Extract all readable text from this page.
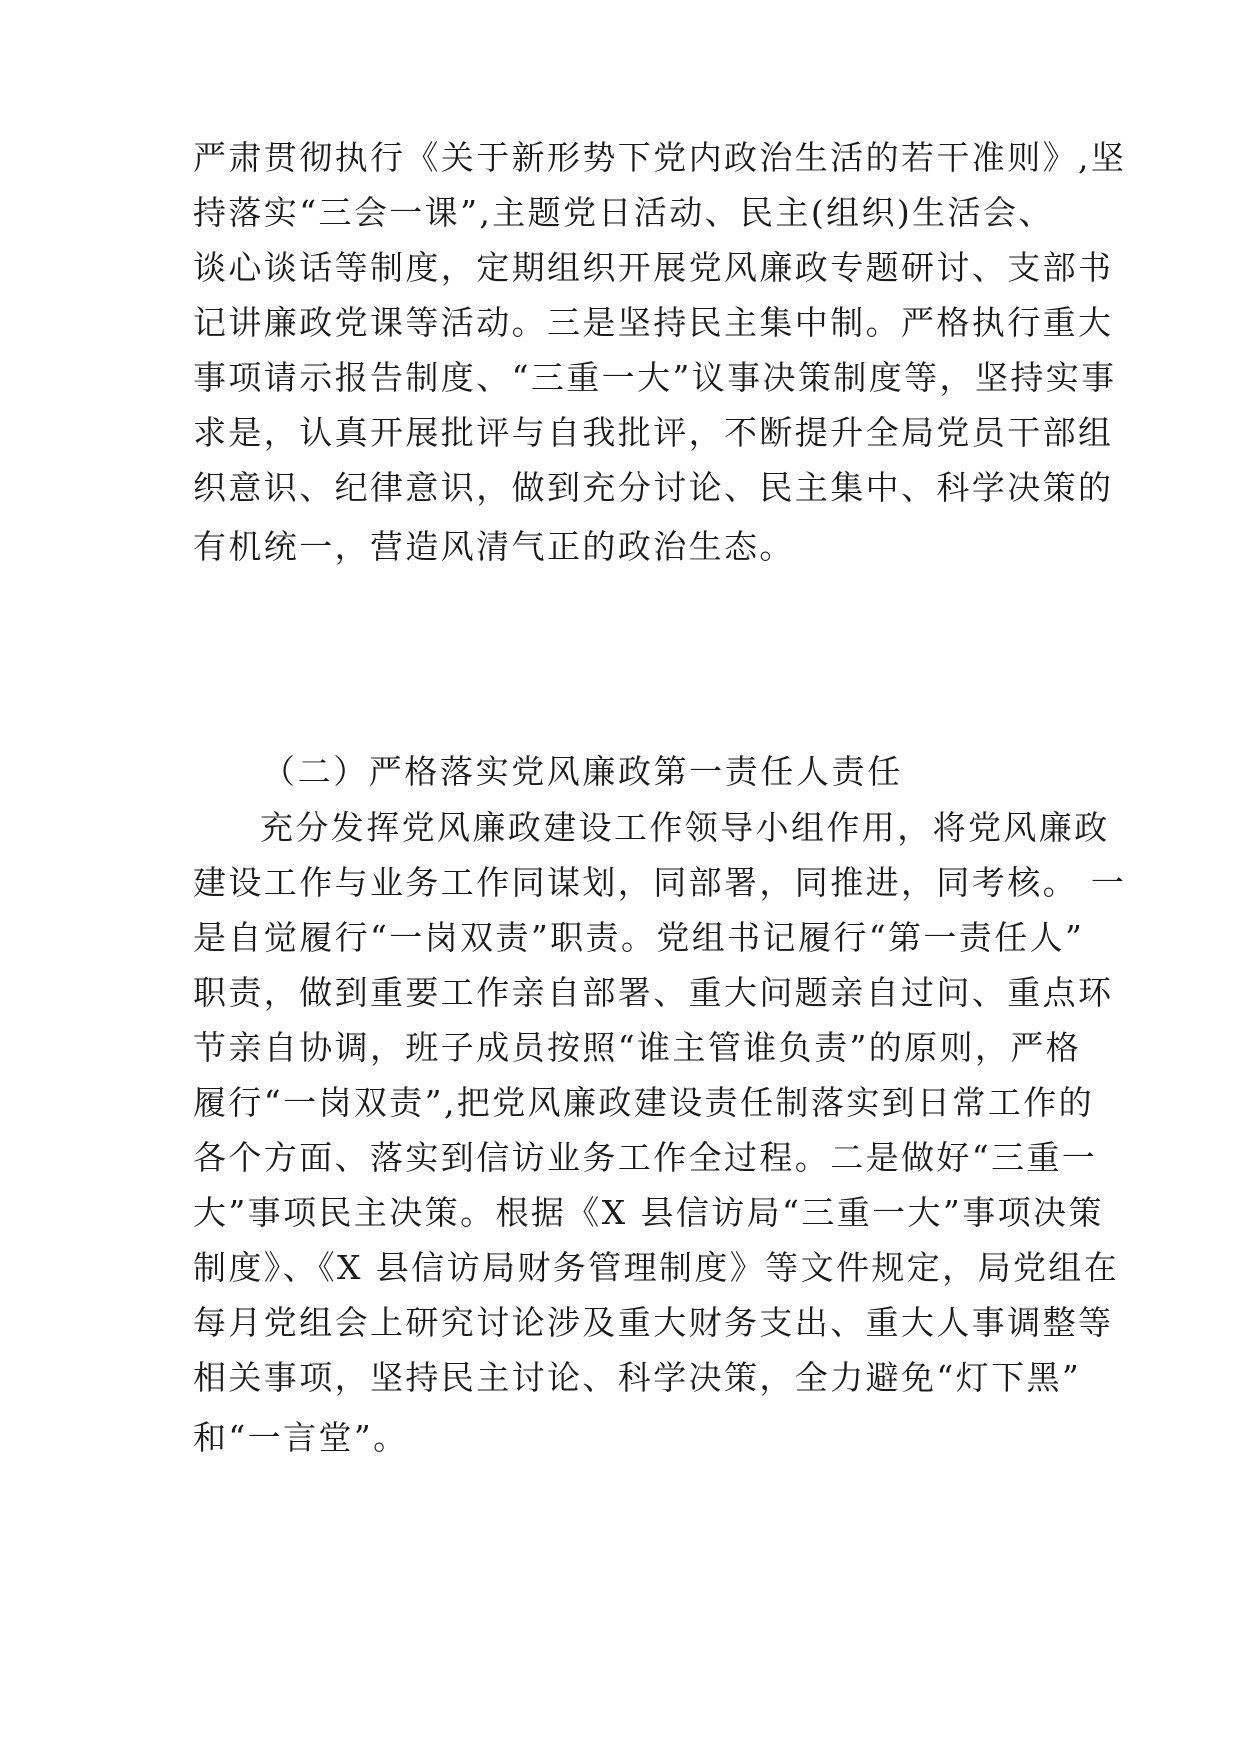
严肃贯彻执行《关于新形势下党内政治生活的若干准则》,坚
持落实“三会一课”,主题党日活动、民主(组织)生活会、
谈心谈话等制度，定期组织开展党风廉政专题研讨、支部书
记讲廉政党课等活动。三是坚持民主集中制。严格执行重大
事项请示报告制度、“三重一大”议事决策制度等，坚持实事
求是，认真开展批评与自我批评，不断提升全局党员干部组
织意识、纪律意识，做到充分讨论、民主集中、科学决策的
有机统一，营造风清气正的政治生态。
（二）严格落实党风廉政第一责任人责任
充分发挥党风廉政建设工作领导小组作用，将党风廉政
建设工作与业务工作同谋划，同部署，同推进，同考核。 一
是自觉履行“一岗双责”职责。党组书记履行“第一责任人”
职责，做到重要工作亲自部署、重大问题亲自过问、重点环
节亲自协调，班子成员按照“谁主管谁负责”的原则，严格
履行“一岗双责”,把党风廉政建设责任制落实到日常工作的
各个方面、落实到信访业务工作全过程。二是做好“三重一
大”事项民主决策。根据《X 县信访局“三重一大”事项决策
制度》、《X 县信访局财务管理制度》等文件规定，局党组在
每月党组会上研究讨论涉及重大财务支出、重大人事调整等
相关事项，坚持民主讨论、科学决策，全力避免“灯下黑”
和“一言堂”。
